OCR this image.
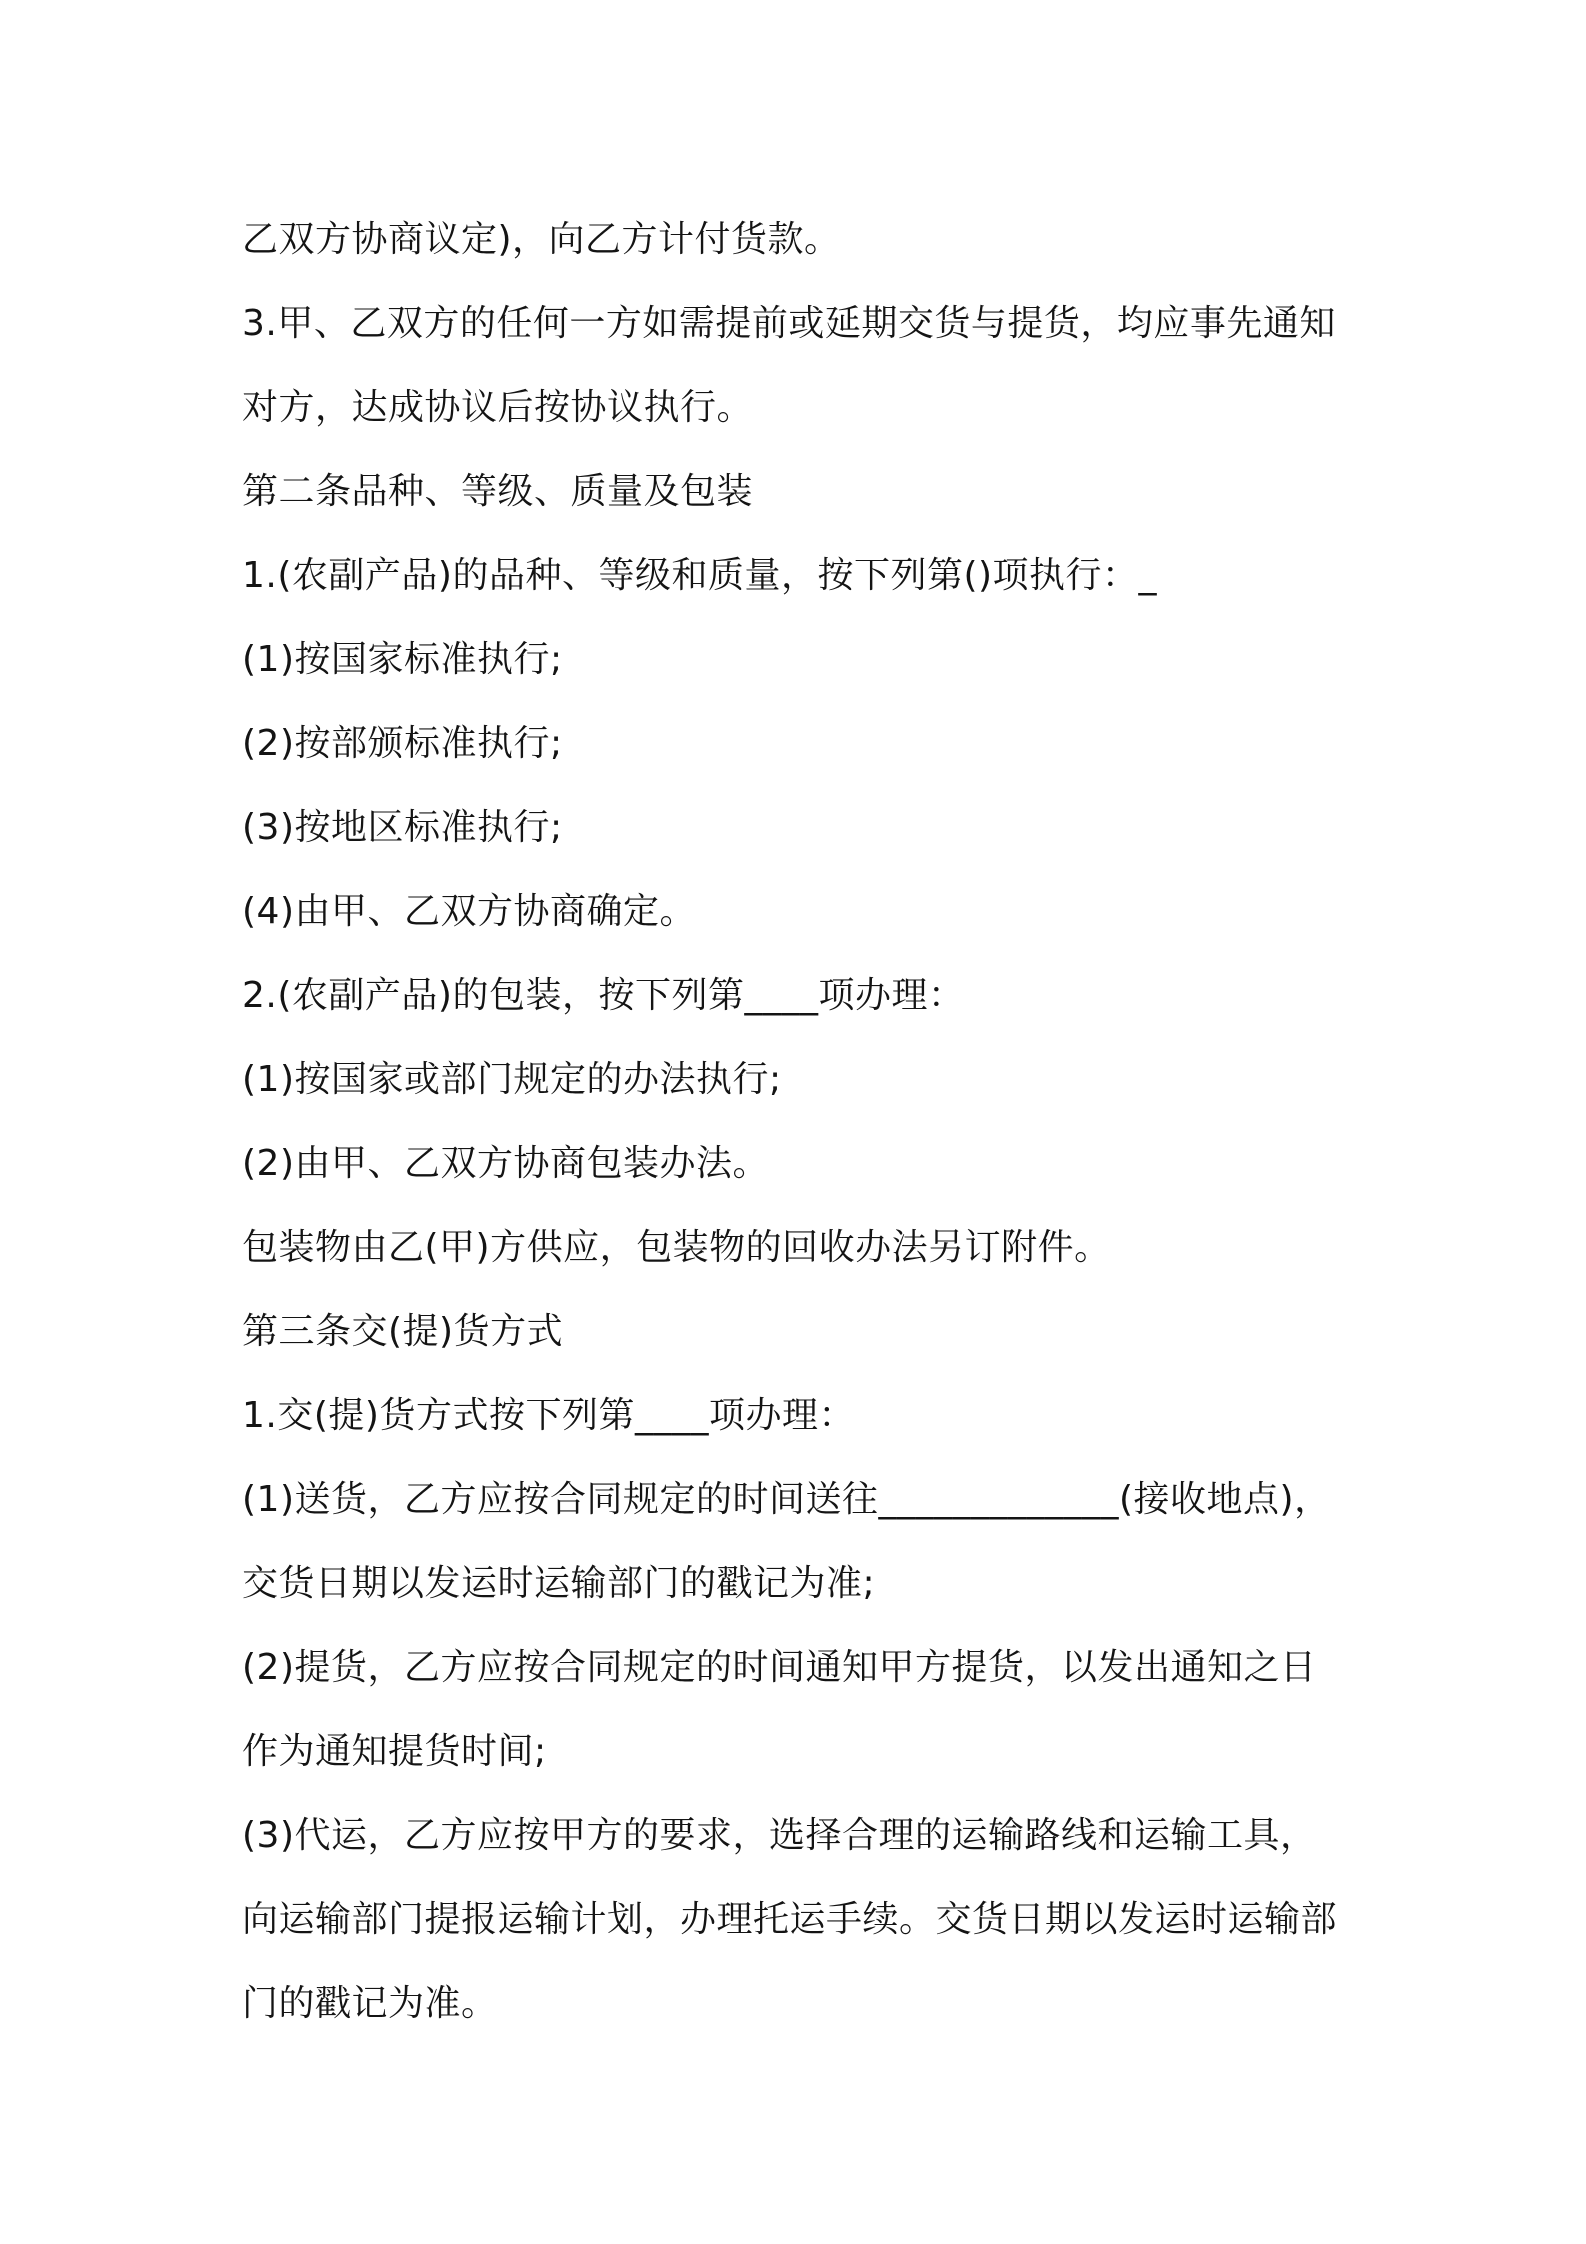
乙双方协商议定)，向乙方计付货款。
3.甲、乙双方的任何一方如需提前或延期交货与提货，均应事先通知
对方，达成协议后按协议执行。
第二条品种、等级、质量及包装
1.(农副产品)的品种、等级和质量，按下列第()项执行：_
(1)按国家标准执行;
(2)按部颁标准执行;
(3)按地区标准执行;
(4)由甲、乙双方协商确定。
2.(农副产品)的包装，按下列第____项办理：
(1)按国家或部门规定的办法执行;
(2)由甲、乙双方协商包装办法。
包装物由乙(甲)方供应，包装物的回收办法另订附件。
第三条交(提)货方式
1.交(提)货方式按下列第____项办理：
(1)送货，乙方应按合同规定的时间送往_____________(接收地点)，
交货日期以发运时运输部门的戳记为准;
(2)提货，乙方应按合同规定的时间通知甲方提货，以发出通知之日
作为通知提货时间;
(3)代运，乙方应按甲方的要求，选择合理的运输路线和运输工具，
向运输部门提报运输计划，办理托运手续。交货日期以发运时运输部
门的戳记为准。
